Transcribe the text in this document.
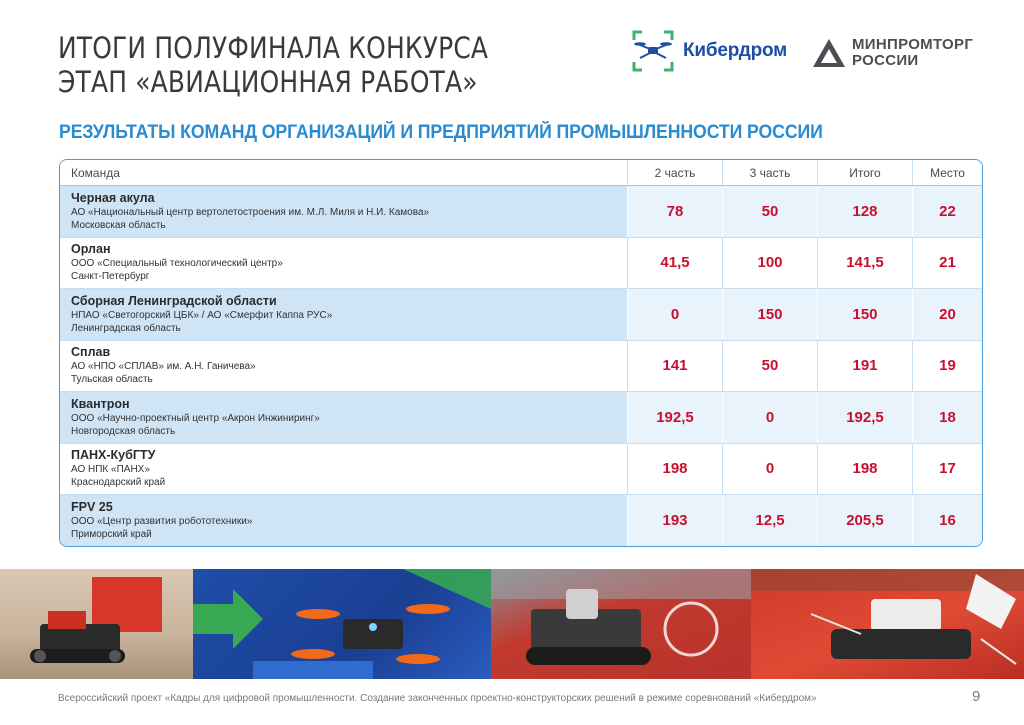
ИТОГИ ПОЛУФИНАЛА КОНКУРСА
ЭТАП «АВИАЦИОННАЯ РАБОТА»
Кибердром	МИНПРОМТОРГ
РОССИИ
РЕЗУЛЬТАТЫ КОМАНД ОРГАНИЗАЦИЙ И ПРЕДПРИЯТИЙ ПРОМЫШЛЕННОСТИ РОССИИ
Команда	2 часть	3 часть	Итого	Место
Черная акула
АО «Национальный центр вертолетостроения им. М.Л. Миля и Н.И. Камова»
Московская область
78	50	128	22
Орлан
ООО «Специальный технологический центр»
Санкт-Петербург
41,5	100	141,5	21
Сборная Ленинградской области
НПАО «Светогорский ЦБК» / АО «Смерфит Каппа РУС»
Ленинградская область
0	150	150	20
Сплав
АО «НПО «СПЛАВ» им. А.Н. Ганичева»
Тульская область
141	50	191	19
Квантрон
ООО «Научно-проектный центр «Акрон Инжиниринг»
Новгородская область
192,5	0	192,5	18
ПАНХ-КубГТУ
АО НПК «ПАНХ»
Краснодарский край
198	0	198	17
FPV 25
ООО «Центр развития робототехники»
Приморский край
193	12,5	205,5	16
Всероссийский проект «Кадры для цифровой промышленности. Создание законченных проектно-конструкторских решений в режиме соревнований «Кибердром»	9
